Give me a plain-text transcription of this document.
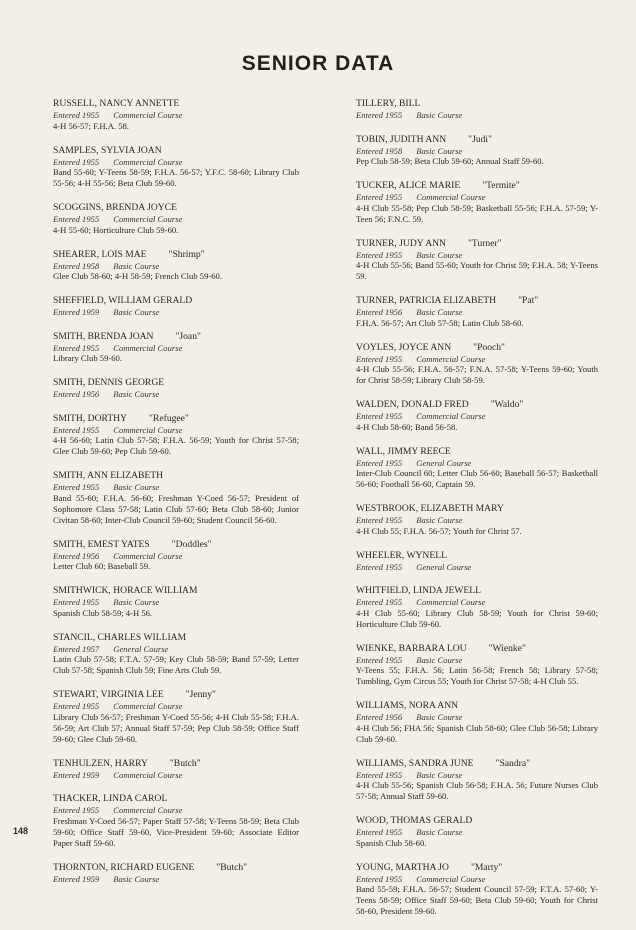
SENIOR DATA
RUSSELL, NANCY ANNETTE
Entered 1955 Commercial Course
4-H 56-57; F.H.A. 58.
SAMPLES, SYLVIA JOAN
Entered 1955 Commercial Course
Band 55-60; Y-Teens 58-59; F.H.A. 56-57; Y.F.C. 58-60; Library Club 55-56; 4-H 55-56; Beta Club 59-60.
SCOGGINS, BRENDA JOYCE
Entered 1955 Commercial Course
4-H 55-60; Horticulture Club 59-60.
SHEARER, LOIS MAE "Shrimp"
Entered 1958 Basic Course
Glee Club 58-60; 4-H 58-59; French Club 59-60.
SHEFFIELD, WILLIAM GERALD
Entered 1959 Basic Course
SMITH, BRENDA JOAN "Joan"
Entered 1955 Commercial Course
Library Club 59-60.
SMITH, DENNIS GEORGE
Entered 1956 Basic Course
SMITH, DORTHY "Refugee"
Entered 1955 Commercial Course
4-H 56-60; Latin Club 57-58; F.H.A. 56-59; Youth for Christ 57-58; Glee Club 59-60; Pep Club 59-60.
SMITH, ANN ELIZABETH
Entered 1955 Basic Course
Band 55-60; F.H.A. 56-60; Freshman Y-Coed 56-57; President of Sophomore Class 57-58; Latin Club 57-60; Beta Club 58-60; Junior Civitan 58-60; Inter-Club Council 59-60; Student Council 56-60.
SMITH, EMEST YATES "Doddles"
Entered 1956 Commercial Course
Letter Club 60; Baseball 59.
SMITHWICK, HORACE WILLIAM
Entered 1955 Basic Course
Spanish Club 58-59; 4-H 56.
STANCIL, CHARLES WILLIAM
Entered 1957 General Course
Latin Club 57-58; F.T.A. 57-59; Key Club 58-59; Band 57-59; Letter Club 57-58; Spanish Club 59; Fine Arts Club 59.
STEWART, VIRGINIA LEE "Jenny"
Entered 1955 Commercial Course
Library Club 56-57; Freshman Y-Coed 55-56; 4-H Club 55-58; F.H.A. 56-59; Art Club 57; Annual Staff 57-59; Pep Club 58-59; Office Staff 59-60; Glee Club 59-60.
TENHULZEN, HARRY "Butch"
Entered 1959 Commercial Course
THACKER, LINDA CAROL
Entered 1955 Commercial Course
Freshman Y-Coed 56-57; Paper Staff 57-58; Y-Teens 58-59; Beta Club 59-60; Office Staff 59-60, Vice-President 59-60; Associate Editor Paper Staff 59-60.
THORNTON, RICHARD EUGENE "Butch"
Entered 1959 Basic Course
TILLERY, BILL
Entered 1955 Basic Course
TOBIN, JUDITH ANN "Judi"
Entered 1958 Basic Course
Pep Club 58-59; Beta Club 59-60; Annual Staff 59-60.
TUCKER, ALICE MARIE "Termite"
Entered 1955 Commercial Course
4-H Club 55-58; Pep Club 58-59; Basketball 55-56; F.H.A. 57-59; Y-Teen 56; F.N.C. 59.
TURNER, JUDY ANN "Turner"
Entered 1955 Basic Course
4-H Club 55-56; Band 55-60; Youth for Christ 59; F.H.A. 58; Y-Teens 59.
TURNER, PATRICIA ELIZABETH "Pat"
Entered 1956 Basic Course
F.H.A. 56-57; Art Club 57-58; Latin Club 58-60.
VOYLES, JOYCE ANN "Pooch"
Entered 1955 Commercial Course
4-H Club 55-56; F.H.A. 56-57; F.N.A. 57-58; Y-Teens 59-60; Youth for Christ 58-59; Library Club 58-59.
WALDEN, DONALD FRED "Waldo"
Entered 1955 Commercial Course
4-H Club 58-60; Band 56-58.
WALL, JIMMY REECE
Entered 1955 General Course
Inter-Club Council 60; Letter Club 56-60; Baseball 56-57; Basketball 56-60; Football 56-60, Captain 59.
WESTBROOK, ELIZABETH MARY
Entered 1955 Basic Course
4-H Club 55; F.H.A. 56-57; Youth for Christ 57.
WHEELER, WYNELL
Entered 1955 General Course
WHITFIELD, LINDA JEWELL
Entered 1955 Commercial Course
4-H Club 55-60; Library Club 58-59; Youth for Christ 59-60; Horticulture Club 59-60.
WIENKE, BARBARA LOU "Wienke"
Entered 1955 Basic Course
Y-Teens 55; F.H.A. 56; Latin 56-58; French 58; Library 57-58; Tumbling, Gym Circus 55; Youth for Christ 57-58; 4-H Club 55.
WILLIAMS, NORA ANN
Entered 1956 Basic Course
4-H Club 56; FHA 56; Spanish Club 58-60; Glee Club 56-58; Library Club 59-60.
WILLIAMS, SANDRA JUNE "Sandra"
Entered 1955 Basic Course
4-H Club 55-56; Spanish Club 56-58; F.H.A. 56; Future Nurses Club 57-58; Annual Staff 59-60.
WOOD, THOMAS GERALD
Entered 1955 Basic Course
Spanish Club 58-60.
YOUNG, MARTHA JO "Marty"
Entered 1955 Commercial Course
Band 55-59; F.H.A. 56-57; Student Council 57-59; F.T.A. 57-60; Y-Teens 58-59; Office Staff 59-60; Beta Club 59-60; Youth for Christ 58-60, President 59-60.
148
